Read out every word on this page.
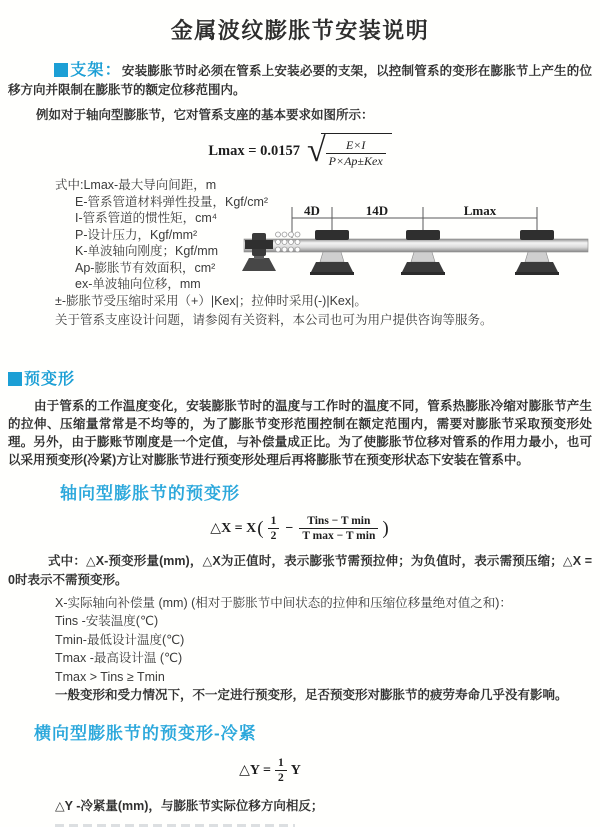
金属波纹膨胀节安装说明

支架：安装膨胀节时必须在管系上安装必要的支架，以控制管系的变形在膨胀节上产生的位移方向并限制在膨胀节的额定位移范围内。

例如对于轴向型膨胀节，它对管系支座的基本要求如图所示：

Lmax = 0.0157 √ $\frac{E\times I}{\text{P×Ap±Kex}}$
式中:Lmax-最大导向间距，m
E-管系管道材料弹性投量，Kgf/cm²
I-管系管道的惯性矩，cm⁴
P-设计压力，Kgf/mm²
K-单波轴向刚度；Kgf/mm
Ap-膨胀节有效面积，cm²
ex-单波轴向位移，mm
±-膨胀节受压缩时采用（+）|Kex|；拉伸时采用(-)|Kex|。
关于管系支座设计问题，请参阅有关资料，本公司也可为用户提供咨询等服务。
4D	14D	Lmax
预变形

由于管系的工作温度变化，安装膨胀节时的温度与工作时的温度不同，管系热膨胀冷缩对膨胀节产生的拉伸、压缩量常常是不均等的，为了膨胀节变形范围控制在额定范围内，需要对膨胀节采取预变形处理。另外，由于膨账节刚度是一个定值，与补偿量成正比。为了使膨胀节位移对管系的作用力最小，也可以采用预变形(冷紧)方让对膨胀节进行预变形处理后再将膨胀节在预变形状态下安装在管系中。

轴向型膨胀节的预变形
△X = X ( $\frac{1}{2} - \frac{\text{Tins − T min}}{\text{T max − T min}}$ )

式中：△X-预变形量(mm)，△X为正值时，表示膨张节需预拉伸；为负值时，表示需预压缩；△X = 0时表示不需预变形。

X-实际轴向补偿量 (mm) (相对于膨胀节中间状态的拉伸和压缩位移量绝对值之和)：
Tins -安装温度(℃)
Tmin-最低设计温度(℃)
Tmax -最高设计温 (℃)
Tmax > Tins ≥ Tmin
一般变形和受力情况下，不一定进行预变形，足否预变形对膨胀节的疲劳寿命几乎没有影响。
横向型膨胀节的预变形-冷紧
△Y = $\frac{1}{2}$ Y

△Y -冷紧量(mm)，与膨胀节实际位移方向相反；
